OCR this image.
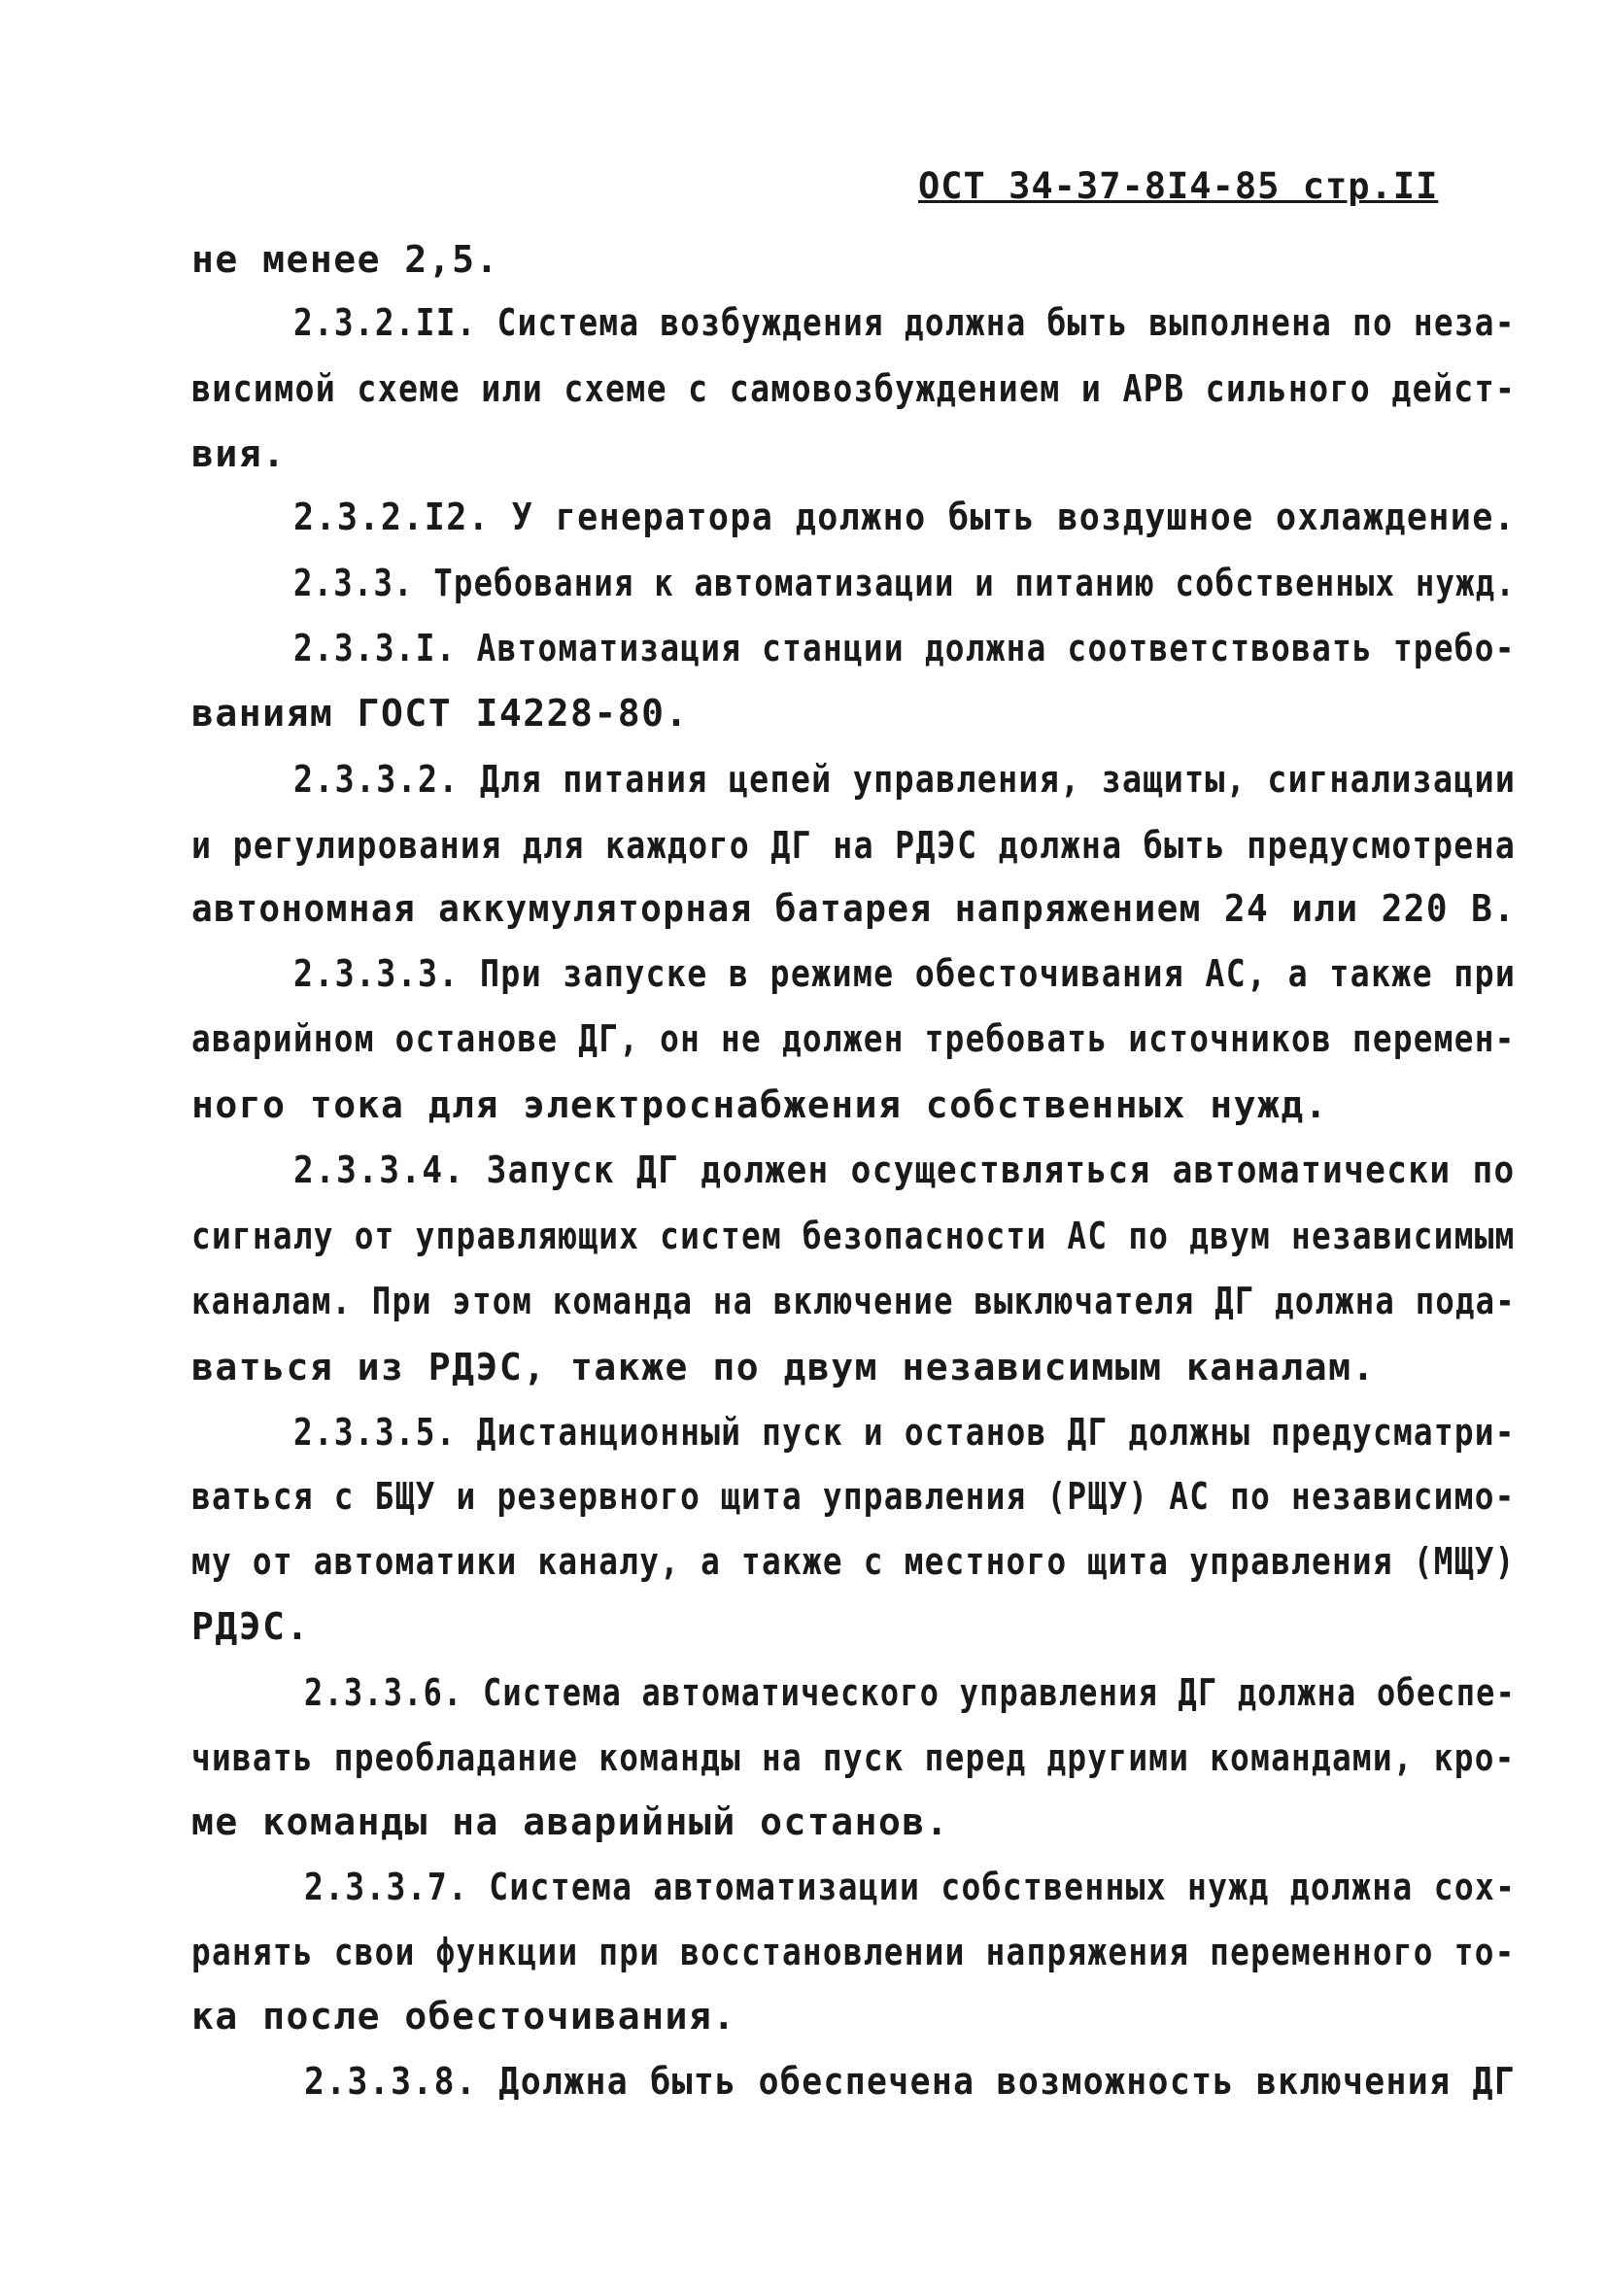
ОСТ 34-37-8I4-85 стр.II
не менее 2,5.
2.3.2.II. Система возбуждения должна быть выполнена по неза-
висимой схеме или схеме с самовозбуждением и АРВ сильного дейст-
вия.
2.3.2.I2. У генератора должно быть воздушное охлаждение.
2.3.3. Требования к автоматизации и питанию собственных нужд.
2.3.3.I. Автоматизация станции должна соответствовать требо-
ваниям ГОСТ I4228-80.
2.3.3.2. Для питания цепей управления, защиты, сигнализации
и регулирования для каждого ДГ на РДЭС должна быть предусмотрена
автономная аккумуляторная батарея напряжением 24 или 220 В.
2.3.3.3. При запуске в режиме обесточивания АС, а также при
аварийном останове ДГ, он не должен требовать источников перемен-
ного тока для электроснабжения собственных нужд.
2.3.3.4. Запуск ДГ должен осуществляться автоматически по
сигналу от управляющих систем безопасности АС по двум независимым
каналам. При этом команда на включение выключателя ДГ должна пода-
ваться из РДЭС, также по двум независимым каналам.
2.3.3.5. Дистанционный пуск и останов ДГ должны предусматри-
ваться с БЩУ и резервного щита управления (РЩУ) АС по независимо-
му от автоматики каналу, а также с местного щита управления (МЩУ)
РДЭС.
2.3.3.6. Система автоматического управления ДГ должна обеспе-
чивать преобладание команды на пуск перед другими командами, кро-
ме команды на аварийный останов.
2.3.3.7. Система автоматизации собственных нужд должна сох-
ранять свои функции при восстановлении напряжения переменного то-
ка после обесточивания.
2.3.3.8. Должна быть обеспечена возможность включения ДГ
